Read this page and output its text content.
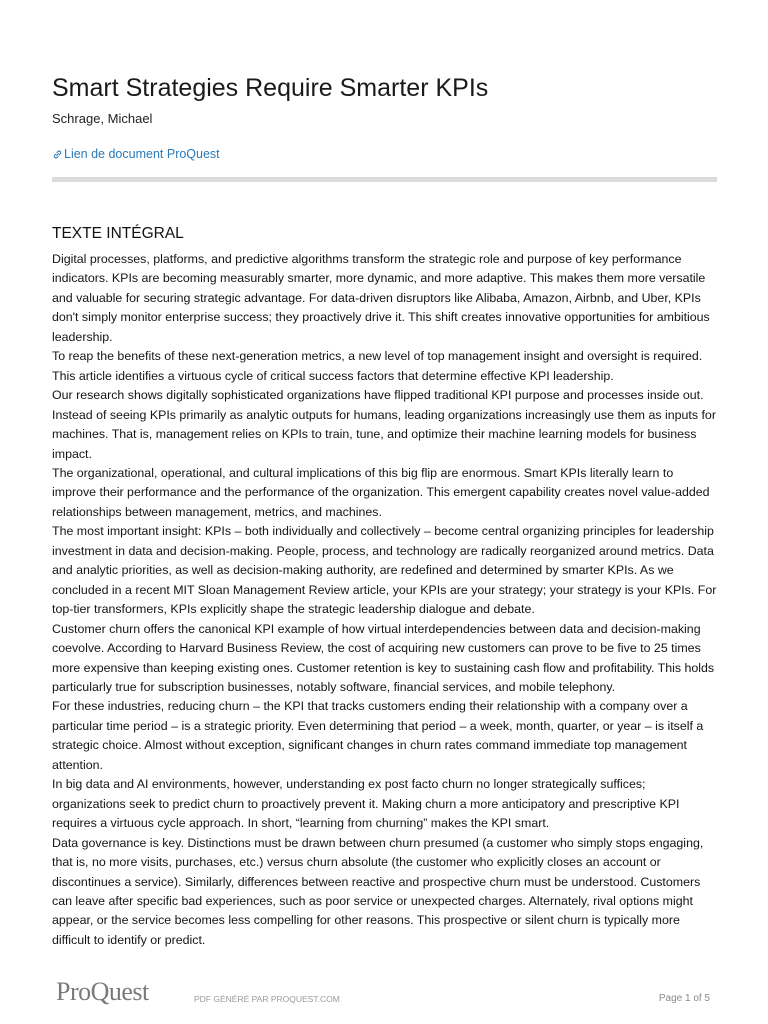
Smart Strategies Require Smarter KPIs
Schrage, Michael
Lien de document ProQuest
TEXTE INTÉGRAL

Digital processes, platforms, and predictive algorithms transform the strategic role and purpose of key performance indicators. KPIs are becoming measurably smarter, more dynamic, and more adaptive. This makes them more versatile and valuable for securing strategic advantage. For data-driven disruptors like Alibaba, Amazon, Airbnb, and Uber, KPIs don't simply monitor enterprise success; they proactively drive it. This shift creates innovative opportunities for ambitious leadership.

To reap the benefits of these next-generation metrics, a new level of top management insight and oversight is required. This article identifies a virtuous cycle of critical success factors that determine effective KPI leadership.

Our research shows digitally sophisticated organizations have flipped traditional KPI purpose and processes inside out. Instead of seeing KPIs primarily as analytic outputs for humans, leading organizations increasingly use them as inputs for machines. That is, management relies on KPIs to train, tune, and optimize their machine learning models for business impact.

The organizational, operational, and cultural implications of this big flip are enormous. Smart KPIs literally learn to improve their performance and the performance of the organization. This emergent capability creates novel value-added relationships between management, metrics, and machines.

The most important insight: KPIs – both individually and collectively – become central organizing principles for leadership investment in data and decision-making. People, process, and technology are radically reorganized around metrics. Data and analytic priorities, as well as decision-making authority, are redefined and determined by smarter KPIs. As we concluded in a recent MIT Sloan Management Review article, your KPIs are your strategy; your strategy is your KPIs. For top-tier transformers, KPIs explicitly shape the strategic leadership dialogue and debate.

Customer churn offers the canonical KPI example of how virtual interdependencies between data and decision-making coevolve. According to Harvard Business Review, the cost of acquiring new customers can prove to be five to 25 times more expensive than keeping existing ones. Customer retention is key to sustaining cash flow and profitability. This holds particularly true for subscription businesses, notably software, financial services, and mobile telephony.

For these industries, reducing churn – the KPI that tracks customers ending their relationship with a company over a particular time period – is a strategic priority. Even determining that period – a week, month, quarter, or year – is itself a strategic choice. Almost without exception, significant changes in churn rates command immediate top management attention.

In big data and AI environments, however, understanding ex post facto churn no longer strategically suffices; organizations seek to predict churn to proactively prevent it. Making churn a more anticipatory and prescriptive KPI requires a virtuous cycle approach. In short, “learning from churning” makes the KPI smart.

Data governance is key. Distinctions must be drawn between churn presumed (a customer who simply stops engaging, that is, no more visits, purchases, etc.) versus churn absolute (the customer who explicitly closes an account or discontinues a service). Similarly, differences between reactive and prospective churn must be understood. Customers can leave after specific bad experiences, such as poor service or unexpected charges. Alternately, rival options might appear, or the service becomes less compelling for other reasons. This prospective or silent churn is typically more difficult to identify or predict.

ProQuest	PDF GÉNÉRÉ PAR PROQUEST.COM	Page 1 of 5
